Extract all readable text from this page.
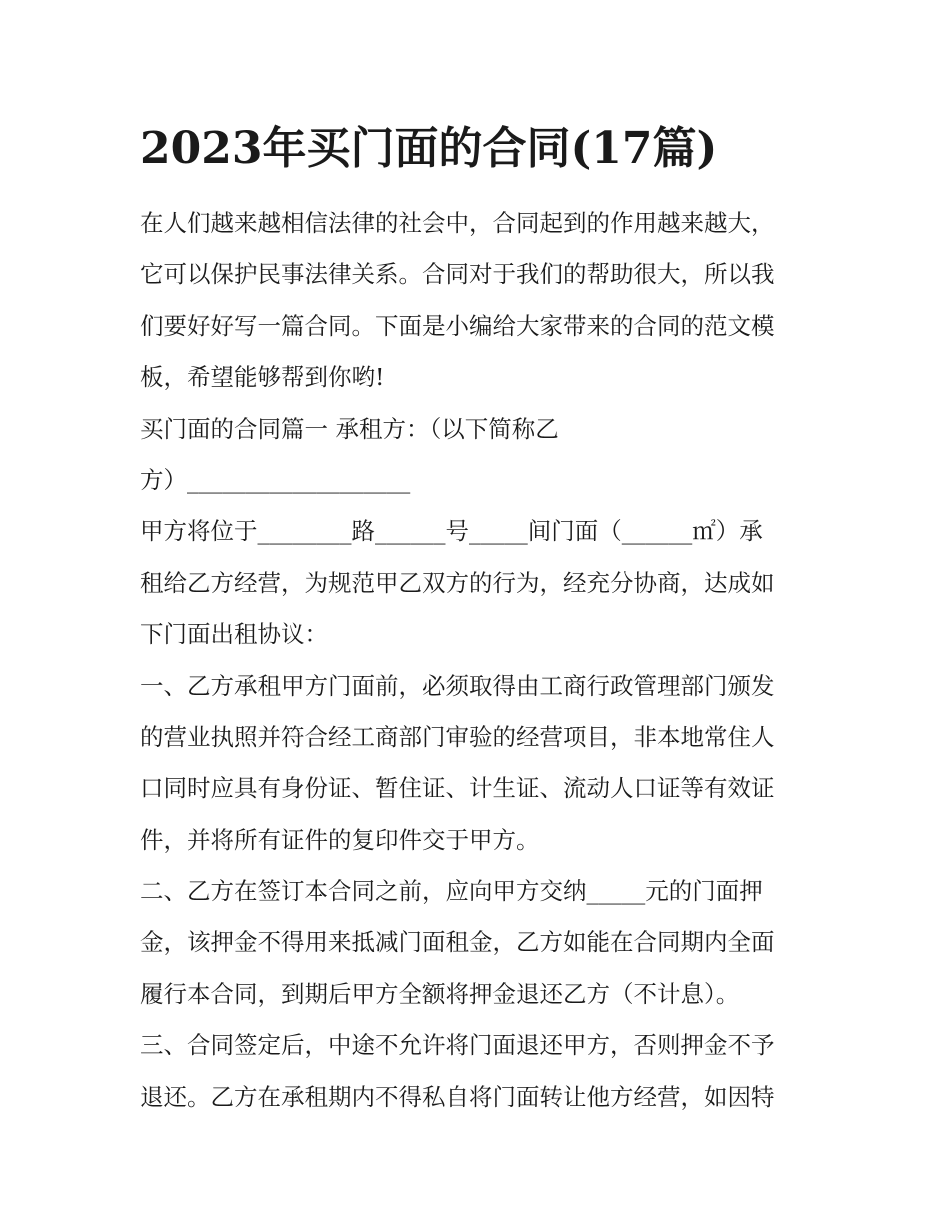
2023年买门面的合同(17篇)
在人们越来越相信法律的社会中，合同起到的作用越来越大，
它可以保护民事法律关系。合同对于我们的帮助很大，所以我
们要好好写一篇合同。下面是小编给大家带来的合同的范文模
板，希望能够帮到你哟!
买门面的合同篇一 承租方：（以下简称乙
方）___________________
甲方将位于________路______号_____间门面（______㎡）承
租给乙方经营，为规范甲乙双方的行为，经充分协商，达成如
下门面出租协议：
一、乙方承租甲方门面前，必须取得由工商行政管理部门颁发
的营业执照并符合经工商部门审验的经营项目，非本地常住人
口同时应具有身份证、暂住证、计生证、流动人口证等有效证
件，并将所有证件的复印件交于甲方。
二、乙方在签订本合同之前，应向甲方交纳_____元的门面押
金，该押金不得用来抵减门面租金，乙方如能在合同期内全面
履行本合同，到期后甲方全额将押金退还乙方（不计息）。
三、合同签定后，中途不允许将门面退还甲方，否则押金不予
退还。乙方在承租期内不得私自将门面转让他方经营，如因特
